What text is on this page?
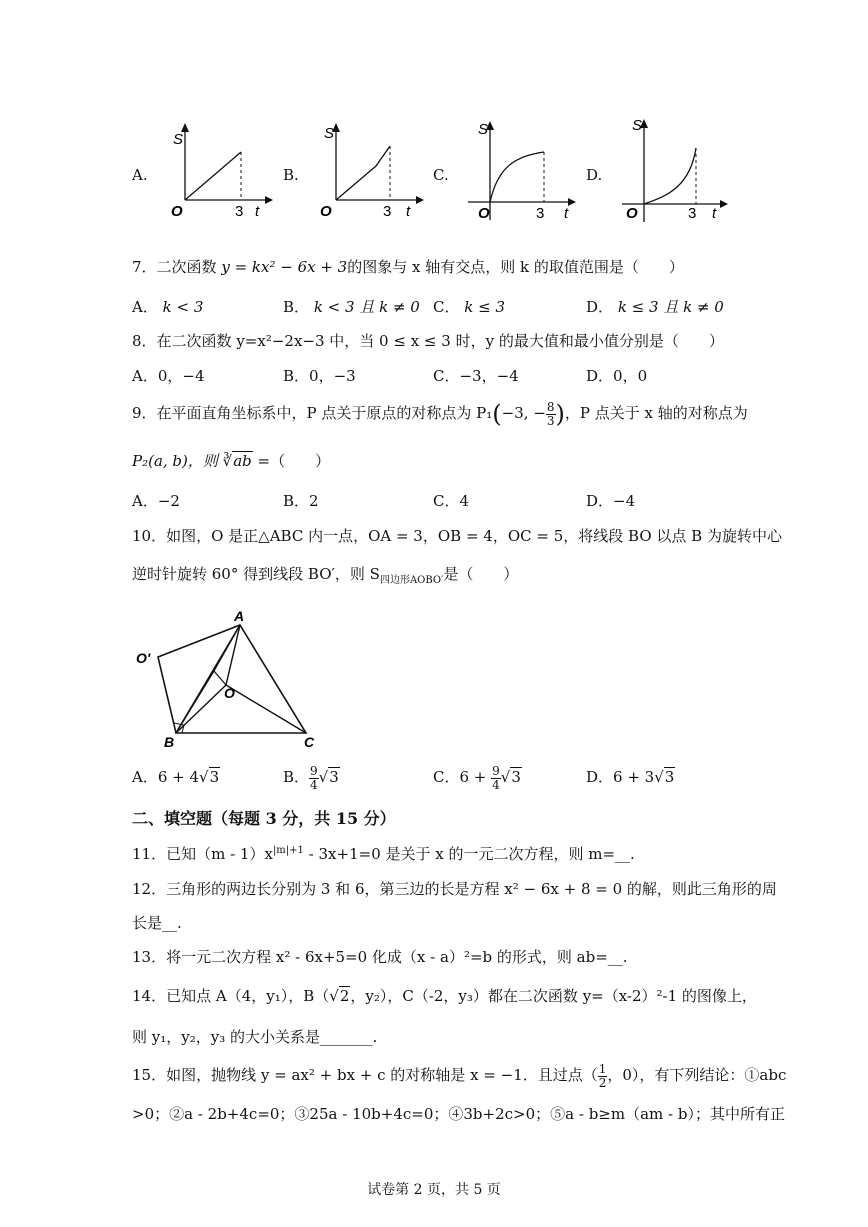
A.
S
O	3 t
B.
S
O	3 t
C.
S
O	3 t
D.
S
O	3 t
7．二次函数 y = kx² − 6x + 3的图象与 x 轴有交点，则 k 的取值范围是（　　）
A． k < 3	B． k < 3 且 k ≠ 0 C． k ≤ 3	D． k ≤ 3 且 k ≠ 0
8．在二次函数 y=x²−2x−3 中，当 0 ≤ x ≤ 3 时，y 的最大值和最小值分别是（　　）
A．0，−4	B．0，−3	C．−3，−4	D．0，0
9．在平面直角坐标系中，P 点关于原点的对称点为 P₁(−3, − $\frac{8}{3}$ )，P 点关于 x 轴的对称点为
P₂(a, b)，则 ∛ab =（　　）
A．−2	B．2	C．4	D．−4
10．如图，O 是正△ABC 内一点，OA = 3，OB = 4，OC = 5，将线段 BO 以点 B 为旋转中心
逆时针旋转 60° 得到线段 BO′，则 $S_{四边形AOBO'}$是（　　）
A
O′
O
B	C
A．6 + 4√3	B． $\frac{9}{4} √3$	C．$6 + \frac{9}{4} √3$	D．6 + 3√3
二、填空题（每题 3 分，共 15 分）
11．已知$(m - 1)x^{|m|+1} - 3x+1=0$ 是关于 x 的一元二次方程，则 m=__.
12．三角形的两边长分别为 3 和 6，第三边的长是方程 x² − 6x + 8 = 0 的解，则此三角形的周
长是__.
13．将一元二次方程 x² - 6x+5=0 化成（x - a）²=b 的形式，则 ab=__.
14．已知点 A（4，y₁），B（√2，y₂），C（-2，y₃）都在二次函数 y=（x-2）²-1 的图像上，
则 y₁，y₂，y₃ 的大小关系是_______.
15．如图，抛物线 y = ax² + bx + c 的对称轴是 x = −1．且过点（ $\frac{1}{2}$ ，0），有下列结论：①abc
>0；②a - 2b+4c=0；③25a - 10b+4c=0；④3b+2c>0；⑤a - b≥m（am - b）；其中所有正
试卷第 2 页，共 5 页
